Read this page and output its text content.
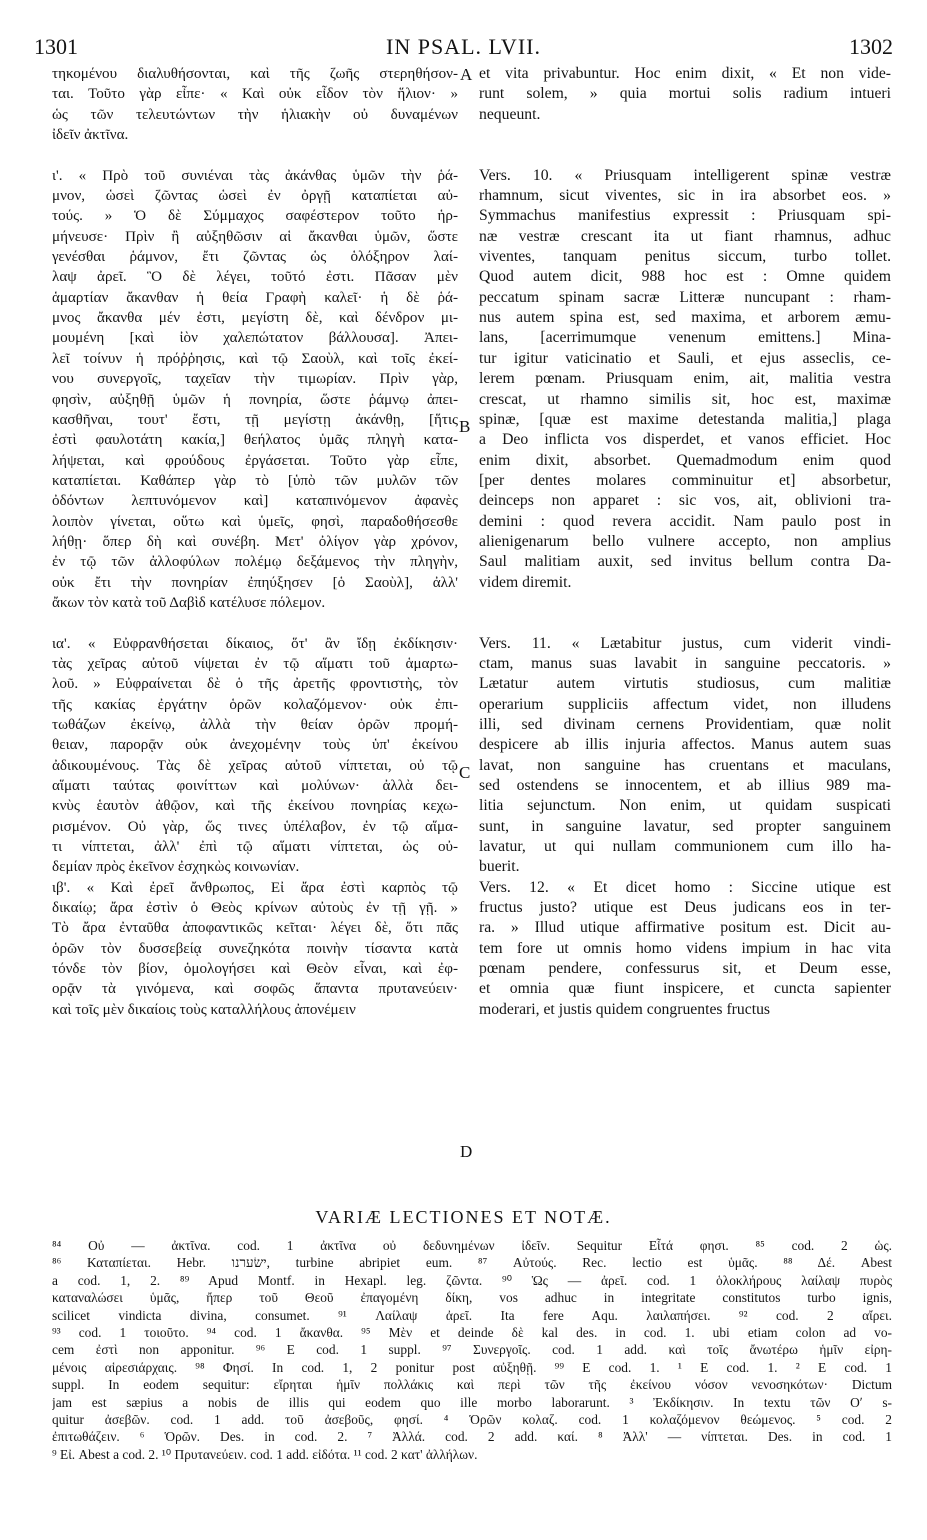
1301	IN PSAL. LVII.	1302
τηκομένου διαλυθήσονται, καὶ τῆς ζωῆς στερηθήσον-
ται. Τοῦτο γὰρ εἶπε· « Καὶ οὐκ εἶδον τὸν ἥλιον· »
ὡς τῶν τελευτώντων τὴν ἡλιακὴν οὐ δυναμένων
ἰδεῖν ἀκτῖνα.
ι'. « Πρὸ τοῦ συνιέναι τὰς ἀκάνθας ὑμῶν τὴν ῥά-
μνον, ὡσεὶ ζῶντας ὡσεὶ ἐν ὀργῇ καταπίεται αὐ-
τούς. » Ὁ δὲ Σύμμαχος σαφέστερον τοῦτο ἡρ-
μήνευσε· Πρὶν ἢ αὐξηθῶσιν αἱ ἄκανθαι ὑμῶν, ὥστε
γενέσθαι ῥάμνον, ἔτι ζῶντας ὡς ὁλόξηρον λαί-
λαψ ἀρεῖ. Ὃ δὲ λέγει, τοῦτό ἐστι. Πᾶσαν μὲν
ἁμαρτίαν ἄκανθαν ἡ θεία Γραφὴ καλεῖ· ἡ δὲ ῥά-
μνος ἄκανθα μέν ἐστι, μεγίστη δὲ, καὶ δένδρον μι-
μουμένη [καὶ ἰὸν χαλεπώτατον βάλλουσα]. Ἀπει-
λεῖ τοίνυν ἡ πρόῤῥησις, καὶ τῷ Σαοὺλ, καὶ τοῖς ἐκεί-
νου συνεργοῖς, ταχεῖαν τὴν τιμωρίαν. Πρὶν γὰρ,
φησὶν, αὐξηθῇ ὑμῶν ἡ πονηρία, ὥστε ῥάμνῳ ἀπει-
κασθῆναι, τουτ' ἔστι, τῇ μεγίστῃ ἀκάνθῃ, [ἥτις
ἐστὶ φαυλοτάτη κακία,] θεήλατος ὑμᾶς πληγὴ κατα-
λήψεται, καὶ φρούδους ἐργάσεται. Τοῦτο γὰρ εἶπε,
καταπίεται. Καθάπερ γὰρ τὸ [ὑπὸ τῶν μυλῶν τῶν
ὀδόντων λεπτυνόμενον καὶ] καταπινόμενον ἀφανὲς
λοιπὸν γίνεται, οὕτω καὶ ὑμεῖς, φησὶ, παραδοθήσεσθε
λήθῃ· ὅπερ δὴ καὶ συνέβη. Μετ' ὀλίγον γὰρ χρόνον,
ἐν τῷ τῶν ἀλλοφύλων πολέμῳ δεξάμενος τὴν πληγὴν,
οὐκ ἔτι τὴν πονηρίαν ἐπηύξησεν [ὁ Σαοὺλ], ἀλλ'
ἄκων τὸν κατὰ τοῦ Δαβὶδ κατέλυσε πόλεμον.
ια'. « Εὐφρανθήσεται δίκαιος, ὅτ' ἂν ἴδῃ ἐκδίκησιν·
τὰς χεῖρας αὐτοῦ νίψεται ἐν τῷ αἵματι τοῦ ἁμαρτω-
λοῦ. » Εὐφραίνεται δὲ ὁ τῆς ἀρετῆς φροντιστὴς, τὸν
τῆς κακίας ἐργάτην ὁρῶν κολαζόμενον· οὐκ ἐπι-
τωθάζων ἐκείνῳ, ἀλλὰ τὴν θείαν ὁρῶν προμή-
θειαν, παρορᾷν οὐκ ἀνεχομένην τοὺς ὑπ' ἐκείνου
ἀδικουμένους. Τὰς δὲ χεῖρας αὐτοῦ νίπτεται, οὐ τῷ
αἵματι ταύτας φοινίττων καὶ μολύνων· ἀλλὰ δει-
κνὺς ἑαυτὸν ἀθῷον, καὶ τῆς ἐκείνου πονηρίας κεχω-
ρισμένον. Οὐ γὰρ, ὥς τινες ὑπέλαβον, ἐν τῷ αἵμα-
τι νίπτεται, ἀλλ' ἐπὶ τῷ αἵματι νίπτεται, ὡς οὐ-
δεμίαν πρὸς ἐκεῖνον ἐσχηκὼς κοινωνίαν.
ιβ'. « Καὶ ἐρεῖ ἄνθρωπος, Εἰ ἄρα ἐστὶ καρπὸς τῷ
δικαίῳ; ἄρα ἐστὶν ὁ Θεὸς κρίνων αὐτοὺς ἐν τῇ γῇ. »
Τὸ ἄρα ἐνταῦθα ἀποφαντικῶς κεῖται· λέγει δὲ, ὅτι πᾶς
ὁρῶν τὸν δυσσεβείᾳ συνεζηκότα ποινὴν τίσαντα κατὰ
τόνδε τὸν βίον, ὁμολογήσει καὶ Θεὸν εἶναι, καὶ ἐφ-
ορᾷν τὰ γινόμενα, καὶ σοφῶς ἅπαντα πρυτανεύειν·
καὶ τοῖς μὲν δικαίοις τοὺς καταλλήλους ἀπονέμειν
et vita privabuntur. Hoc enim dixit, « Et non vide-
runt solem, » quia mortui solis radium intueri
nequeunt.
Vers. 10. « Priusquam intelligerent spinæ vestræ
rhamnum, sicut viventes, sic in ira absorbet eos. »
Symmachus manifestius expressit : Priusquam spi-
næ vestræ crescant ita ut fiant rhamnus, adhuc
viventes, tanquam penitus siccum, turbo tollet.
Quod autem dicit, 988 hoc est : Omne quidem
peccatum spinam sacræ Litteræ nuncupant : rham-
nus autem spina est, sed maxima, et arborem æmu-
lans, [acerrimumque venenum emittens.] Mina-
tur igitur vaticinatio et Sauli, et ejus asseclis, ce-
lerem pœnam. Priusquam enim, ait, malitia vestra
crescat, ut rhamno similis sit, hoc est, maximæ
spinæ, [quæ est maxime detestanda malitia,] plaga
a Deo inflicta vos disperdet, et vanos efficiet. Hoc
enim dixit, absorbet. Quemadmodum enim quod
[per dentes molares comminuitur et] absorbetur,
deinceps non apparet : sic vos, ait, oblivioni tra-
demini : quod revera accidit. Nam paulo post in
alienigenarum bello vulnere accepto, non amplius
Saul malitiam auxit, sed invitus bellum contra Da-
videm diremit.
Vers. 11. « Lætabitur justus, cum viderit vindi-
ctam, manus suas lavabit in sanguine peccatoris. »
Lætatur autem virtutis studiosus, cum malitiæ
operarium suppliciis affectum videt, non illudens
illi, sed divinam cernens Providentiam, quæ nolit
despicere ab illis injuria affectos. Manus autem suas
lavat, non sanguine has cruentans et maculans,
sed ostendens se innocentem, et ab illius 989 ma-
litia sejunctum. Non enim, ut quidam suspicati
sunt, in sanguine lavatur, sed propter sanguinem
lavatur, ut qui nullam communionem cum illo ha-
buerit.
Vers. 12. « Et dicet homo : Siccine utique est
fructus justo? utique est Deus judicans eos in ter-
ra. » Illud utique affirmative positum est. Dicit au-
tem fore ut omnis homo videns impium in hac vita
pœnam pendere, confessurus sit, et Deum esse,
et omnia quæ fiunt inspicere, et cuncta sapienter
moderari, et justis quidem congruentes fructus
A
B
C
D
VARIÆ LECTIONES ET NOTÆ.
⁸⁴ Οὐ — ἀκτῖνα. cod. 1 ἀκτῖνα οὐ δεδυνημένων ἰδεῖν. Sequitur Εἶτά φησι. ⁸⁵ cod. 2 ὡς.
⁸⁶ Καταπίεται. Hebr. ישׂערנו, turbine abripiet eum. ⁸⁷ Αὐτούς. Rec. lectio est ὑμᾶς. ⁸⁸ Δέ. Abest
a cod. 1, 2. ⁸⁹ Apud Montf. in Hexapl. leg. ζῶντα. ⁹⁰ Ὡς — ἀρεῖ. cod. 1 ὁλοκλήρους λαίλαψ πυρὸς
καταναλώσει ὑμᾶς, ἤπερ τοῦ Θεοῦ ἐπαγομένη δίκη, vos adhuc in integritate constitutos turbo ignis,
scilicet vindicta divina, consumet. ⁹¹ Λαίλαψ ἀρεῖ. Ita fere Aqu. λαιλαπήσει. ⁹² cod. 2 αἴρει.
⁹³ cod. 1 τοιοῦτο. ⁹⁴ cod. 1 ἄκανθα. ⁹⁵ Μὲν et deinde δὲ kal des. in cod. 1. ubi etiam colon ad vo-
cem ἐστὶ non apponitur. ⁹⁶ E cod. 1 suppl. ⁹⁷ Συνεργοῖς. cod. 1 add. καὶ τοῖς ἄνωτέρω ἡμῖν εἰρη-
μένοις αἱρεσιάρχαις. ⁹⁸ Φησί. In cod. 1, 2 ponitur post αὐξηθῇ. ⁹⁹ E cod. 1. ¹ E cod. 1. ² E cod. 1
suppl. In eodem sequitur: εἴρηται ἡμῖν πολλάκις καὶ περὶ τῶν τῆς ἐκείνου νόσον νενοσηκότων· Dictum
jam est sæpius a nobis de illis qui eodem quo ille morbo laborarunt. ³ Ἐκδίκησιν. In textu τῶν Οʹ s-
quitur ἀσεβῶν. cod. 1 add. τοῦ ἀσεβοῦς, φησί. ⁴ Ὁρῶν κολαζ. cod. 1 κολαζόμενον θεώμενος. ⁵ cod. 2
ἐπιτωθάζειν. ⁶ Ὁρῶν. Des. in cod. 2. ⁷ Ἀλλά. cod. 2 add. καί. ⁸ Ἀλλ' — νίπτεται. Des. in cod. 1
⁹ Εἰ. Abest a cod. 2. ¹⁰ Πρυτανεύειν. cod. 1 add. εἰδότα. ¹¹ cod. 2 κατ' ἀλλήλων.
